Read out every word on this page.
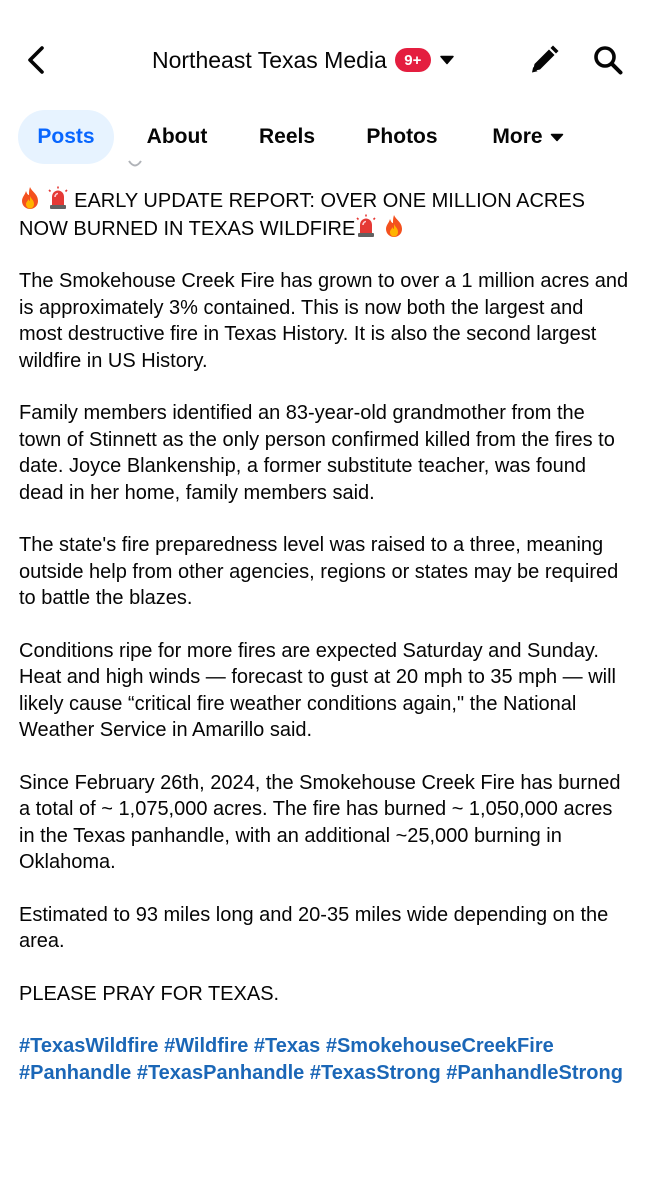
Northeast Texas Media	9+
Posts	About	Reels	Photos	More
EARLY UPDATE REPORT: OVER ONE MILLION ACRES NOW BURNED IN TEXAS WILDFIRE

The Smokehouse Creek Fire has grown to over a 1 million acres and is approximately 3% contained. This is now both the largest and most destructive fire in Texas History. It is also the second largest wildfire in US History.

Family members identified an 83-year-old grandmother from the town of Stinnett as the only person confirmed killed from the fires to date. Joyce Blankenship, a former substitute teacher, was found dead in her home, family members said.

The state's fire preparedness level was raised to a three, meaning outside help from other agencies, regions or states may be required to battle the blazes.

Conditions ripe for more fires are expected Saturday and Sunday. Heat and high winds — forecast to gust at 20 mph to 35 mph — will likely cause “critical fire weather conditions again," the National Weather Service in Amarillo said.

Since February 26th, 2024, the Smokehouse Creek Fire has burned a total of ~ 1,075,000 acres. The fire has burned ~ 1,050,000 acres in the Texas panhandle, with an additional ~25,000 burning in Oklahoma.

Estimated to 93 miles long and 20-35 miles wide depending on the area.

PLEASE PRAY FOR TEXAS.

#TexasWildfire #Wildfire #Texas #SmokehouseCreekFire #Panhandle #TexasPanhandle #TexasStrong #PanhandleStrong
